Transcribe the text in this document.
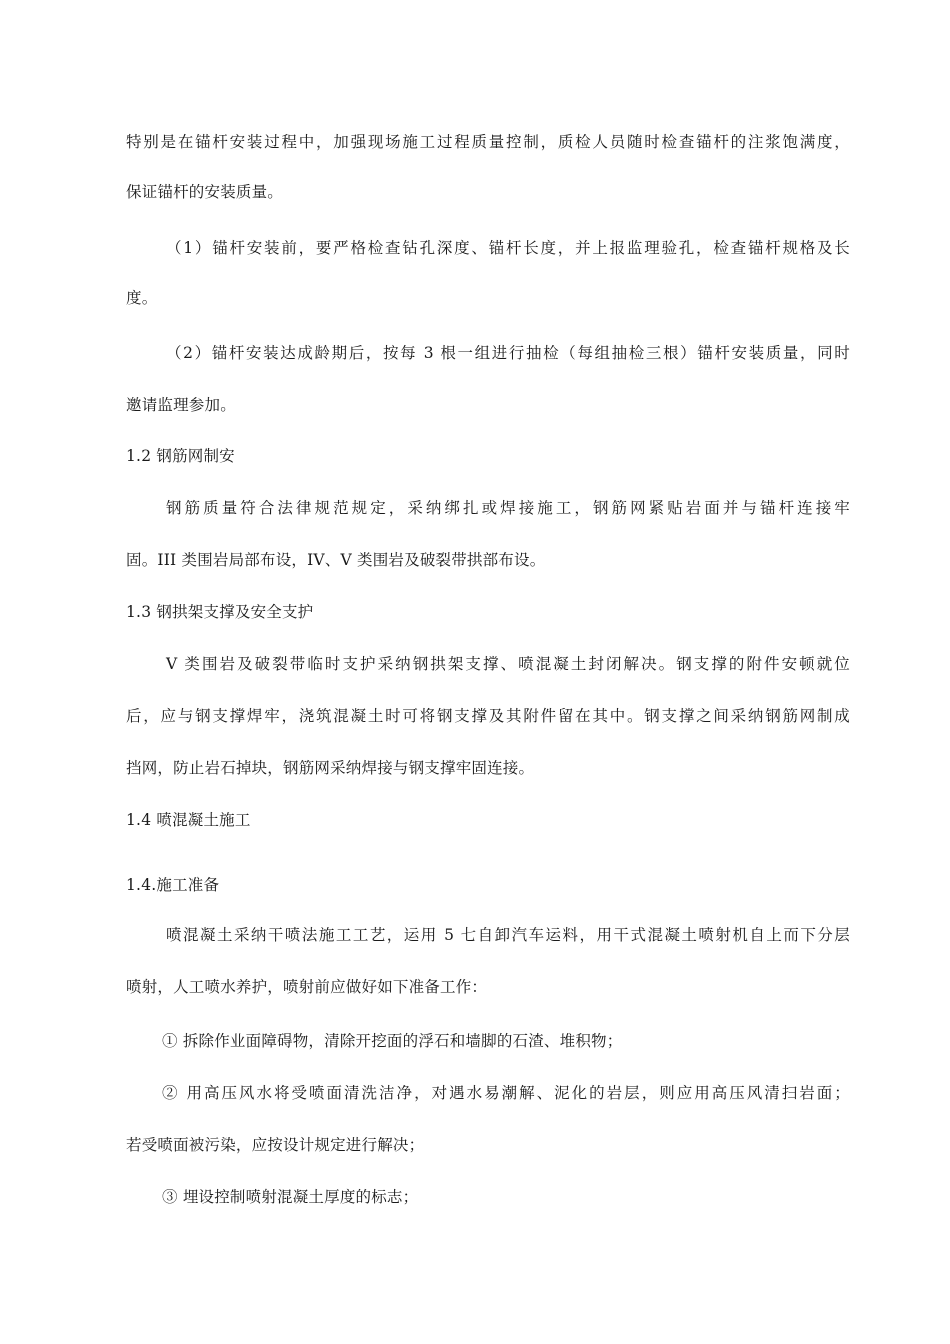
特别是在锚杆安装过程中，加强现场施工过程质量控制，质检人员随时检查锚杆的注浆饱满度，
保证锚杆的安装质量。
（1）锚杆安装前，要严格检查钻孔深度、锚杆长度，并上报监理验孔，检查锚杆规格及长
度。
（2）锚杆安装达成龄期后，按每 3 根一组进行抽检（每组抽检三根）锚杆安装质量，同时
邀请监理参加。
1.2 钢筋网制安
钢筋质量符合法律规范规定，采纳绑扎或焊接施工，钢筋网紧贴岩面并与锚杆连接牢
固。III 类围岩局部布设，IV、V 类围岩及破裂带拱部布设。
1.3 钢拱架支撑及安全支护
V 类围岩及破裂带临时支护采纳钢拱架支撑、喷混凝土封闭解决。钢支撑的附件安顿就位
后，应与钢支撑焊牢，浇筑混凝土时可将钢支撑及其附件留在其中。钢支撑之间采纳钢筋网制成
挡网，防止岩石掉块，钢筋网采纳焊接与钢支撑牢固连接。
1.4 喷混凝土施工
1.4.施工准备
喷混凝土采纳干喷法施工工艺，运用 5 七自卸汽车运料，用干式混凝土喷射机自上而下分层
喷射，人工喷水养护，喷射前应做好如下准备工作：
① 拆除作业面障碍物，清除开挖面的浮石和墙脚的石渣、堆积物；
② 用高压风水将受喷面清洗洁净，对遇水易潮解、泥化的岩层，则应用高压风清扫岩面；
若受喷面被污染，应按设计规定进行解决；
③ 埋设控制喷射混凝土厚度的标志；
